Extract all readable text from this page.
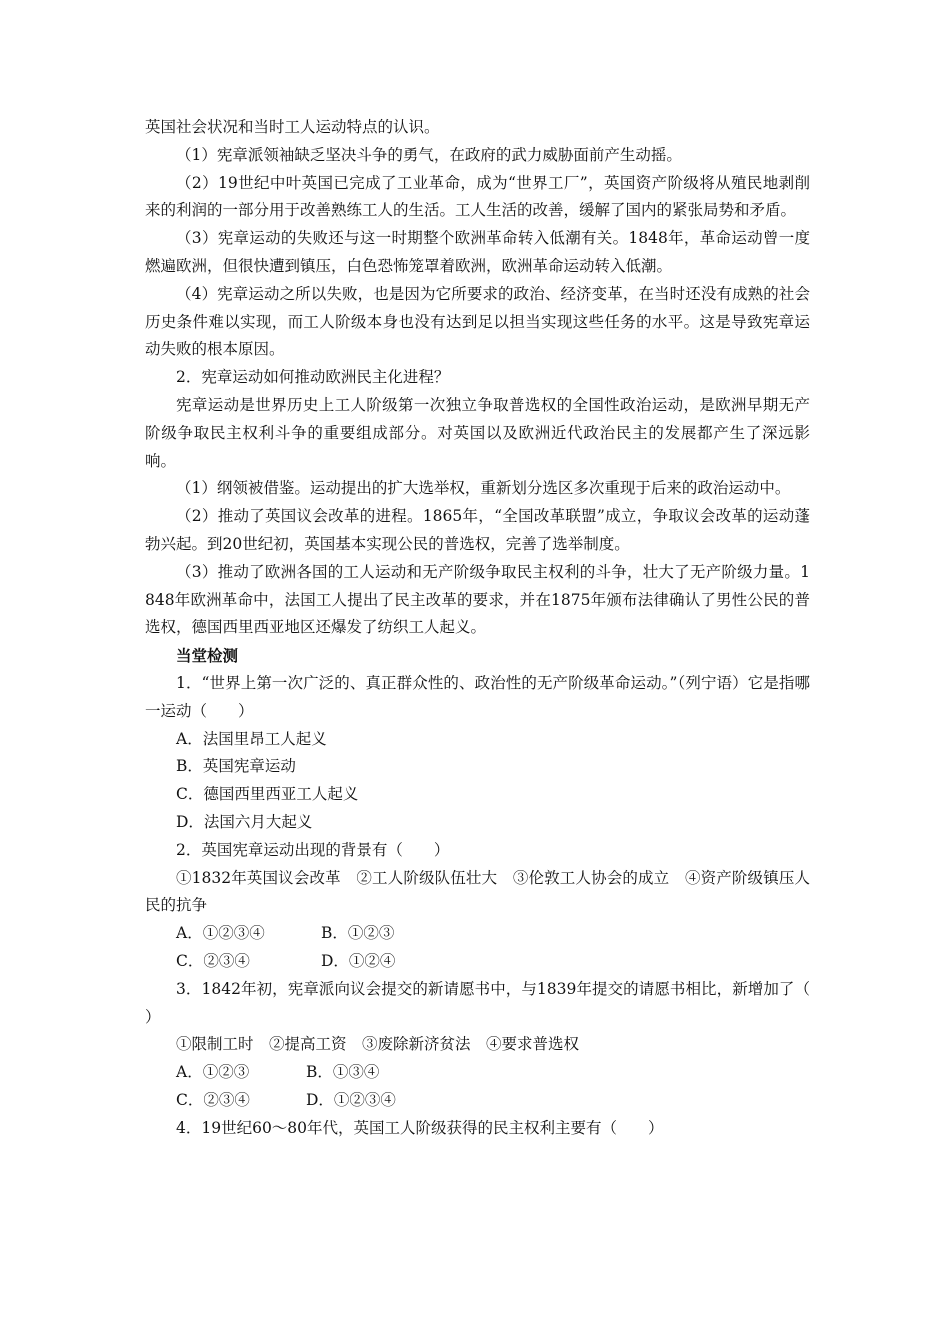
英国社会状况和当时工人运动特点的认识。

（1）宪章派领袖缺乏坚决斗争的勇气，在政府的武力威胁面前产生动摇。

（2）19世纪中叶英国已完成了工业革命，成为“世界工厂”，英国资产阶级将从殖民地剥削来的利润的一部分用于改善熟练工人的生活。工人生活的改善，缓解了国内的紧张局势和矛盾。

（3）宪章运动的失败还与这一时期整个欧洲革命转入低潮有关。1848年，革命运动曾一度燃遍欧洲，但很快遭到镇压，白色恐怖笼罩着欧洲，欧洲革命运动转入低潮。

（4）宪章运动之所以失败，也是因为它所要求的政治、经济变革，在当时还没有成熟的社会历史条件难以实现，而工人阶级本身也没有达到足以担当实现这些任务的水平。这是导致宪章运动失败的根本原因。

2．宪章运动如何推动欧洲民主化进程？

宪章运动是世界历史上工人阶级第一次独立争取普选权的全国性政治运动，是欧洲早期无产阶级争取民主权利斗争的重要组成部分。对英国以及欧洲近代政治民主的发展都产生了深远影响。

（1）纲领被借鉴。运动提出的扩大选举权，重新划分选区多次重现于后来的政治运动中。

（2）推动了英国议会改革的进程。1865年，“全国改革联盟”成立，争取议会改革的运动蓬勃兴起。到20世纪初，英国基本实现公民的普选权，完善了选举制度。

（3）推动了欧洲各国的工人运动和无产阶级争取民主权利的斗争，壮大了无产阶级力量。1848年欧洲革命中，法国工人提出了民主改革的要求，并在1875年颁布法律确认了男性公民的普选权，德国西里西亚地区还爆发了纺织工人起义。

当堂检测

1．“世界上第一次广泛的、真正群众性的、政治性的无产阶级革命运动。”（列宁语）它是指哪一运动（　　）

A．法国里昂工人起义

B．英国宪章运动

C．德国西里西亚工人起义

D．法国六月大起义

2．英国宪章运动出现的背景有（　　）

①1832年英国议会改革　②工人阶级队伍壮大　③伦敦工人协会的成立　④资产阶级镇压人民的抗争

A．①②③④	B．①②③

C．②③④	D．①②④

3．1842年初，宪章派向议会提交的新请愿书中，与1839年提交的请愿书相比，新增加了（　　）

①限制工时　②提高工资　③废除新济贫法　④要求普选权

A．①②③	B．①③④

C．②③④	D．①②③④

4．19世纪60～80年代，英国工人阶级获得的民主权利主要有（　　）
